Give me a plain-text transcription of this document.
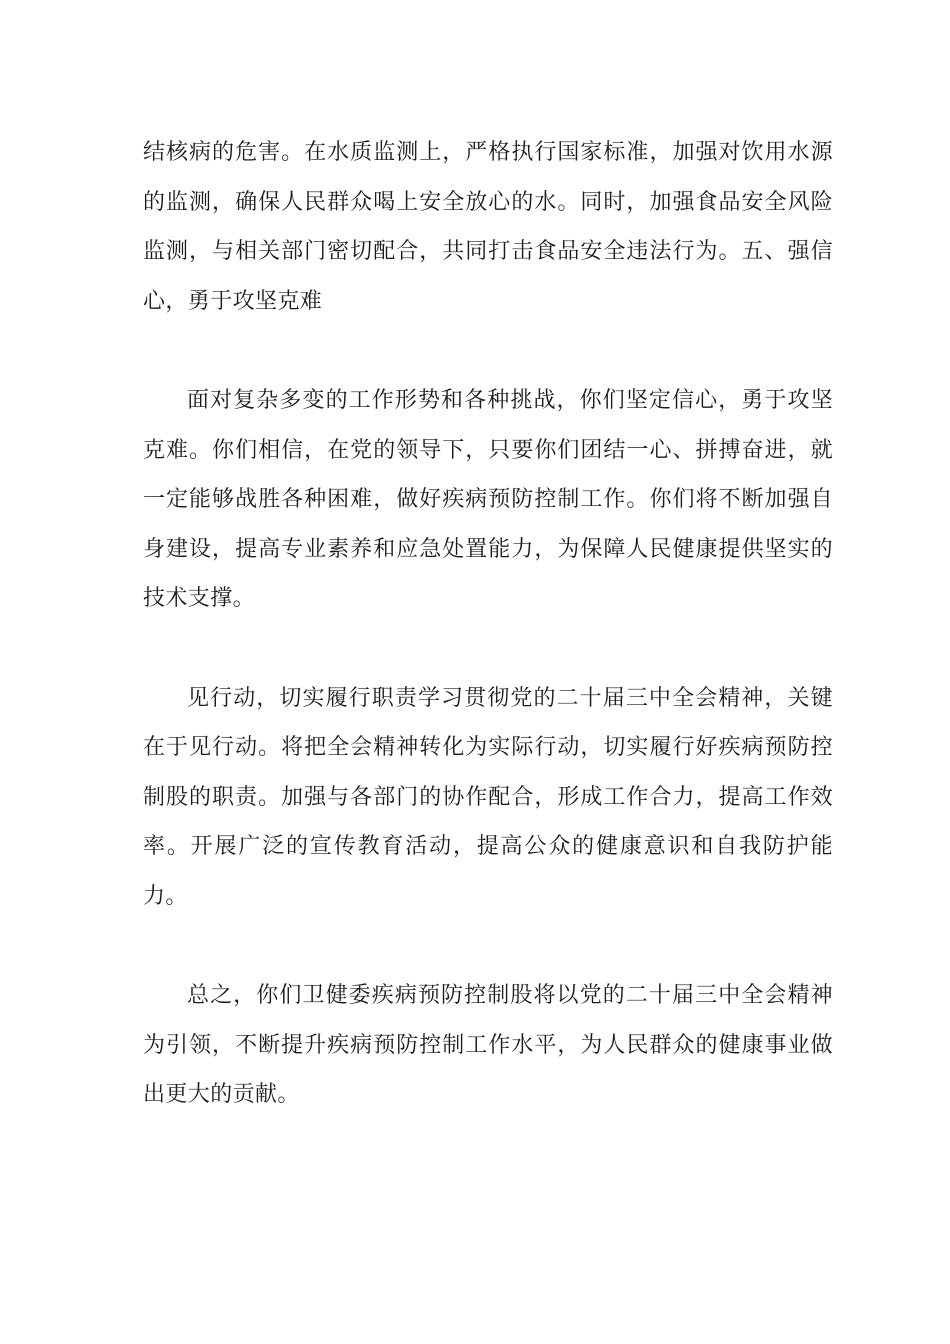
结核病的危害。在水质监测上，严格执行国家标准，加强对饮用水源的监测，确保人民群众喝上安全放心的水。同时，加强食品安全风险监测，与相关部门密切配合，共同打击食品安全违法行为。五、强信心，勇于攻坚克难

面对复杂多变的工作形势和各种挑战，你们坚定信心，勇于攻坚克难。你们相信，在党的领导下，只要你们团结一心、拼搏奋进，就一定能够战胜各种困难，做好疾病预防控制工作。你们将不断加强自身建设，提高专业素养和应急处置能力，为保障人民健康提供坚实的技术支撑。

见行动，切实履行职责学习贯彻党的二十届三中全会精神，关键在于见行动。将把全会精神转化为实际行动，切实履行好疾病预防控制股的职责。加强与各部门的协作配合，形成工作合力，提高工作效率。开展广泛的宣传教育活动，提高公众的健康意识和自我防护能力。

总之，你们卫健委疾病预防控制股将以党的二十届三中全会精神为引领，不断提升疾病预防控制工作水平，为人民群众的健康事业做出更大的贡献。
